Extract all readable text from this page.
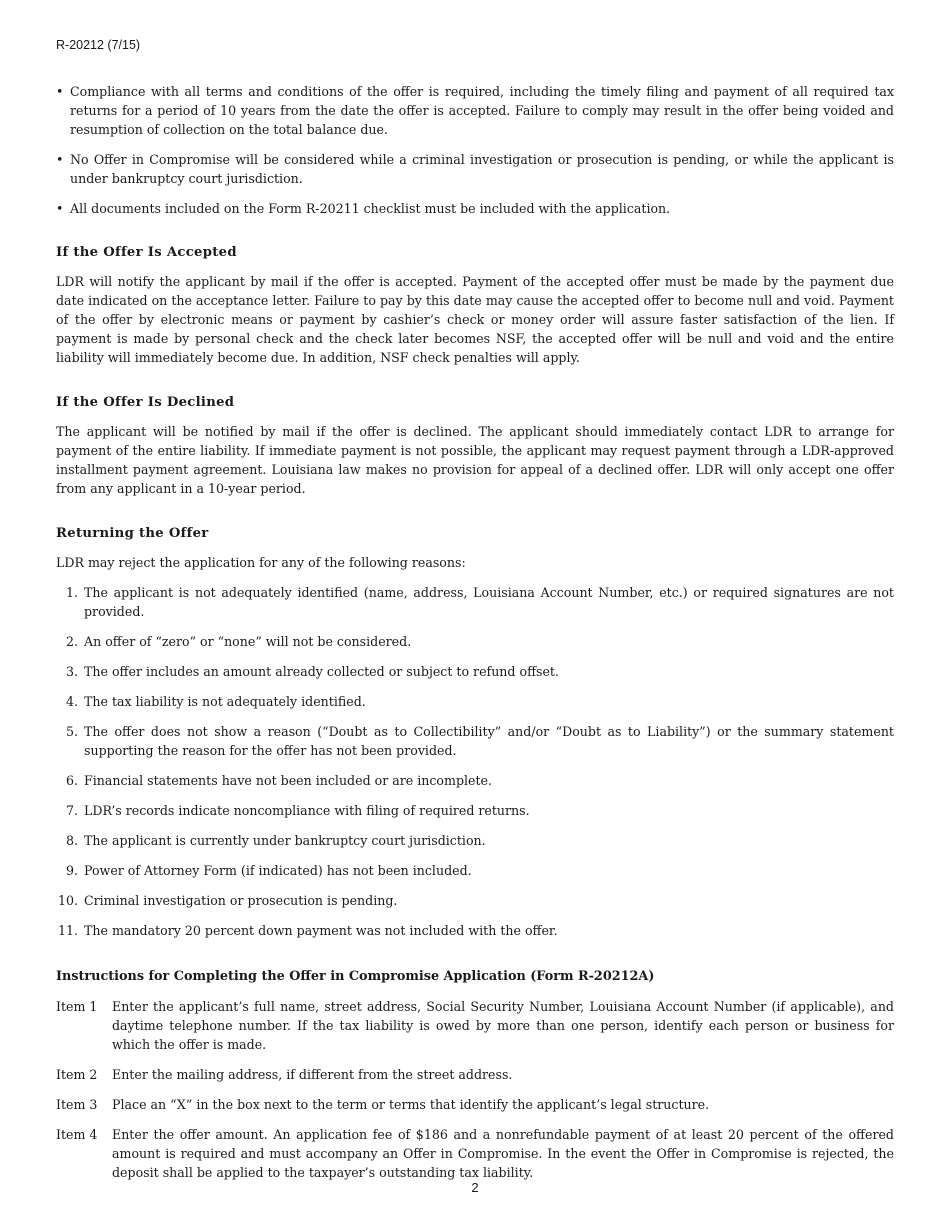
R-20212 (7/15)
• Compliance with all terms and conditions of the offer is required, including the timely filing and payment of all required tax returns for a period of 10 years from the date the offer is accepted. Failure to comply may result in the offer being voided and resumption of collection on the total balance due.
• No Offer in Compromise will be considered while a criminal investigation or prosecution is pending, or while the applicant is under bankruptcy court jurisdiction.
• All documents included on the Form R-20211 checklist must be included with the application.
If the Offer Is Accepted

LDR will notify the applicant by mail if the offer is accepted. Payment of the accepted offer must be made by the payment due date indicated on the acceptance letter. Failure to pay by this date may cause the accepted offer to become null and void. Payment of the offer by electronic means or payment by cashier’s check or money order will assure faster satisfaction of the lien. If payment is made by personal check and the check later becomes NSF, the accepted offer will be null and void and the entire liability will immediately become due. In addition, NSF check penalties will apply.

If the Offer Is Declined

The applicant will be notified by mail if the offer is declined. The applicant should immediately contact LDR to arrange for payment of the entire liability. If immediate payment is not possible, the applicant may request payment through a LDR-approved installment payment agreement. Louisiana law makes no provision for appeal of a declined offer. LDR will only accept one offer from any applicant in a 10-year period.

Returning the Offer

LDR may reject the application for any of the following reasons:

1. The applicant is not adequately identified (name, address, Louisiana Account Number, etc.) or required signatures are not provided.
2. An offer of “zero” or “none” will not be considered.
3. The offer includes an amount already collected or subject to refund offset.
4. The tax liability is not adequately identified.
5. The offer does not show a reason (“Doubt as to Collectibility” and/or “Doubt as to Liability”) or the summary statement supporting the reason for the offer has not been provided.
6. Financial statements have not been included or are incomplete.
7. LDR’s records indicate noncompliance with filing of required returns.
8. The applicant is currently under bankruptcy court jurisdiction.
9. Power of Attorney Form (if indicated) has not been included.
10. Criminal investigation or prosecution is pending.
11. The mandatory 20 percent down payment was not included with the offer.
Instructions for Completing the Offer in Compromise Application (Form R-20212A)
Item 1 Enter the applicant’s full name, street address, Social Security Number, Louisiana Account Number (if applicable), and daytime telephone number. If the tax liability is owed by more than one person, identify each person or business for which the offer is made.
Item 2 Enter the mailing address, if different from the street address.
Item 3 Place an “X” in the box next to the term or terms that identify the applicant’s legal structure.
Item 4 Enter the offer amount. An application fee of $186 and a nonrefundable payment of at least 20 percent of the offered amount is required and must accompany an Offer in Compromise. In the event the Offer in Compromise is rejected, the deposit shall be applied to the taxpayer’s outstanding tax liability.
2
